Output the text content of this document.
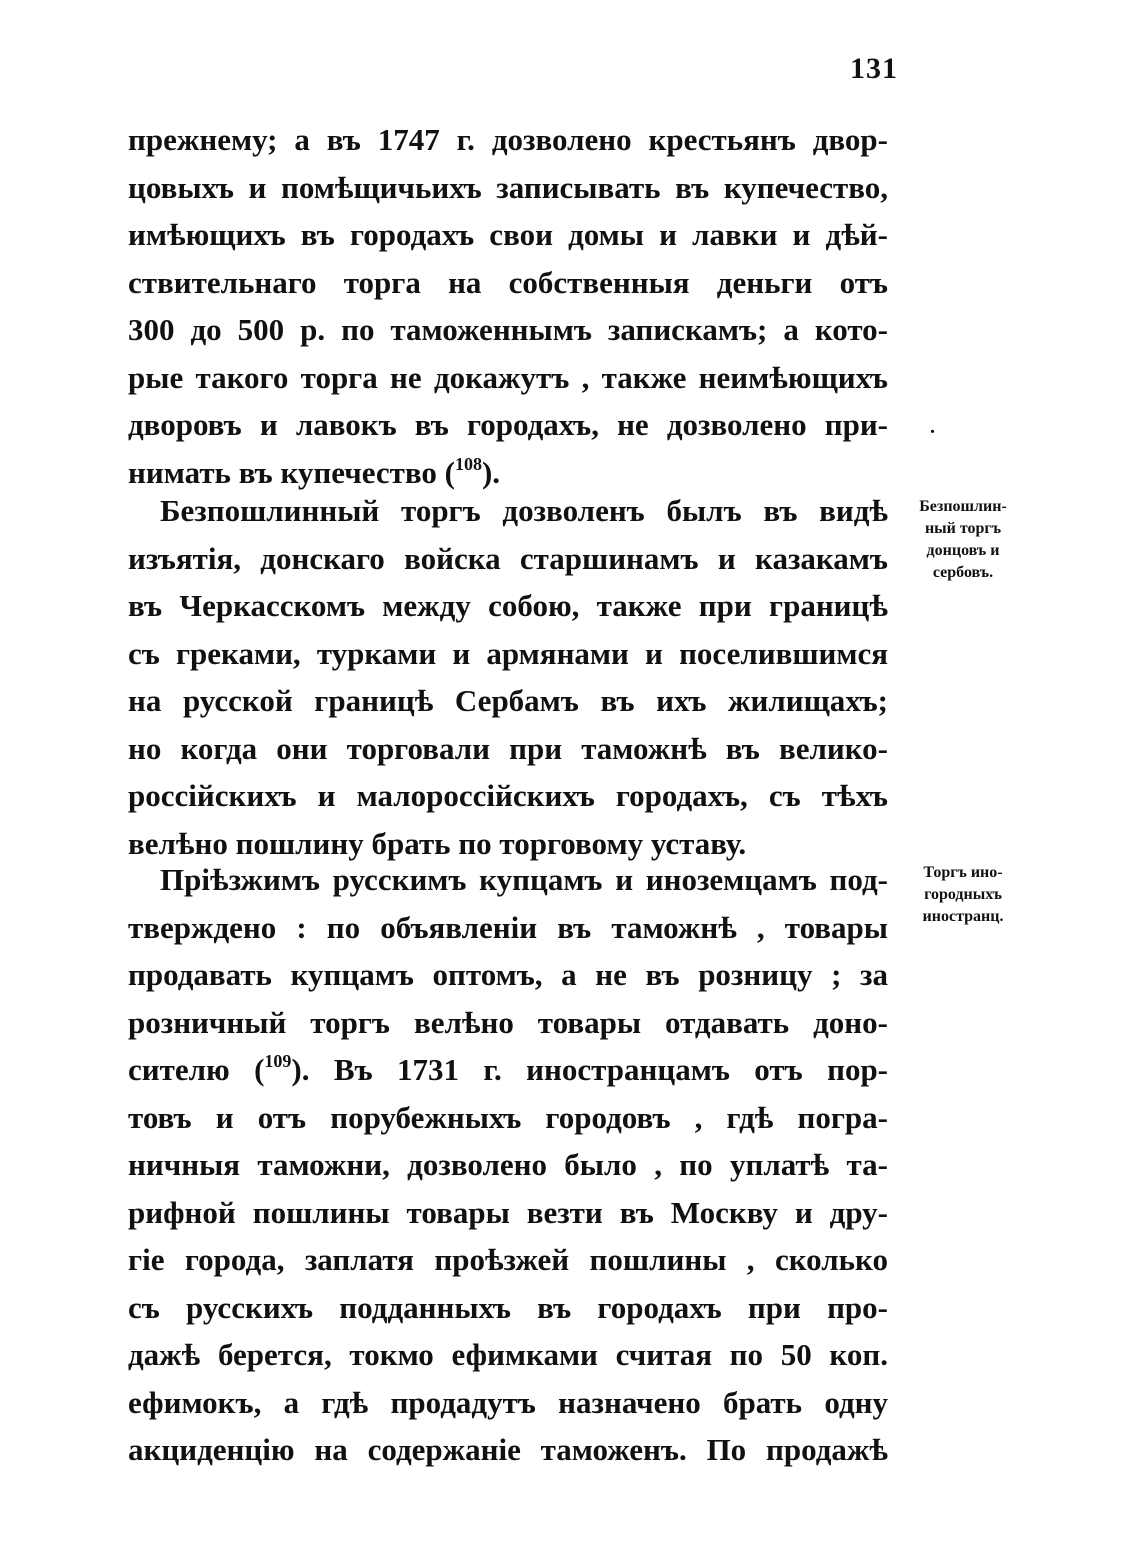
131
прежнему; а въ 1747 г. дозволено крестьянъ двор-
цовыхъ и помѣщичьихъ записывать въ купечество,
имѣющихъ въ городахъ свои домы и лавки и дѣй-
ствительнаго торга на собственныя деньги отъ
300 до 500 р. по таможеннымъ запискамъ; а кото-
рые такого торга не докажутъ , также неимѣющихъ
дворовъ и лавокъ въ городахъ, не дозволено при-
нимать въ купечество ($^{108}$).
.
Безпошлинный торгъ дозволенъ былъ въ видѣ
изъятія, донскаго войска старшинамъ и казакамъ
въ Черкасскомъ между собою, также при границѣ
съ греками, турками и армянами и поселившимся
на русской границѣ Сербамъ въ ихъ жилищахъ;
но когда они торговали при таможнѣ въ велико-
россійскихъ и малороссійскихъ городахъ, съ тѣхъ
велѣно пошлину брать по торговому уставу.
Безпошлин-
ный торгъ
донцовъ и
сербовъ.
Пріѣзжимъ русскимъ купцамъ и иноземцамъ под-
тверждено : по объявленіи въ таможнѣ , товары
продавать купцамъ оптомъ, а не въ розницу ; за
розничный торгъ велѣно товары отдавать доно-
сителю ($^{109}$). Въ 1731 г. иностранцамъ отъ пор-
товъ и отъ порубежныхъ городовъ , гдѣ погра-
ничныя таможни, дозволено было , по уплатѣ та-
рифной пошлины товары везти въ Москву и дру-
гіе города, заплатя проѣзжей пошлины , сколько
съ русскихъ подданныхъ въ городахъ при про-
дажѣ берется, токмо ефимками считая по 50 коп.
ефимокъ, а гдѣ продадутъ назначено брать одну
акциденцію на содержаніе таможенъ. По продажѣ
Торгъ ино-
городныхъ
иностранц.
